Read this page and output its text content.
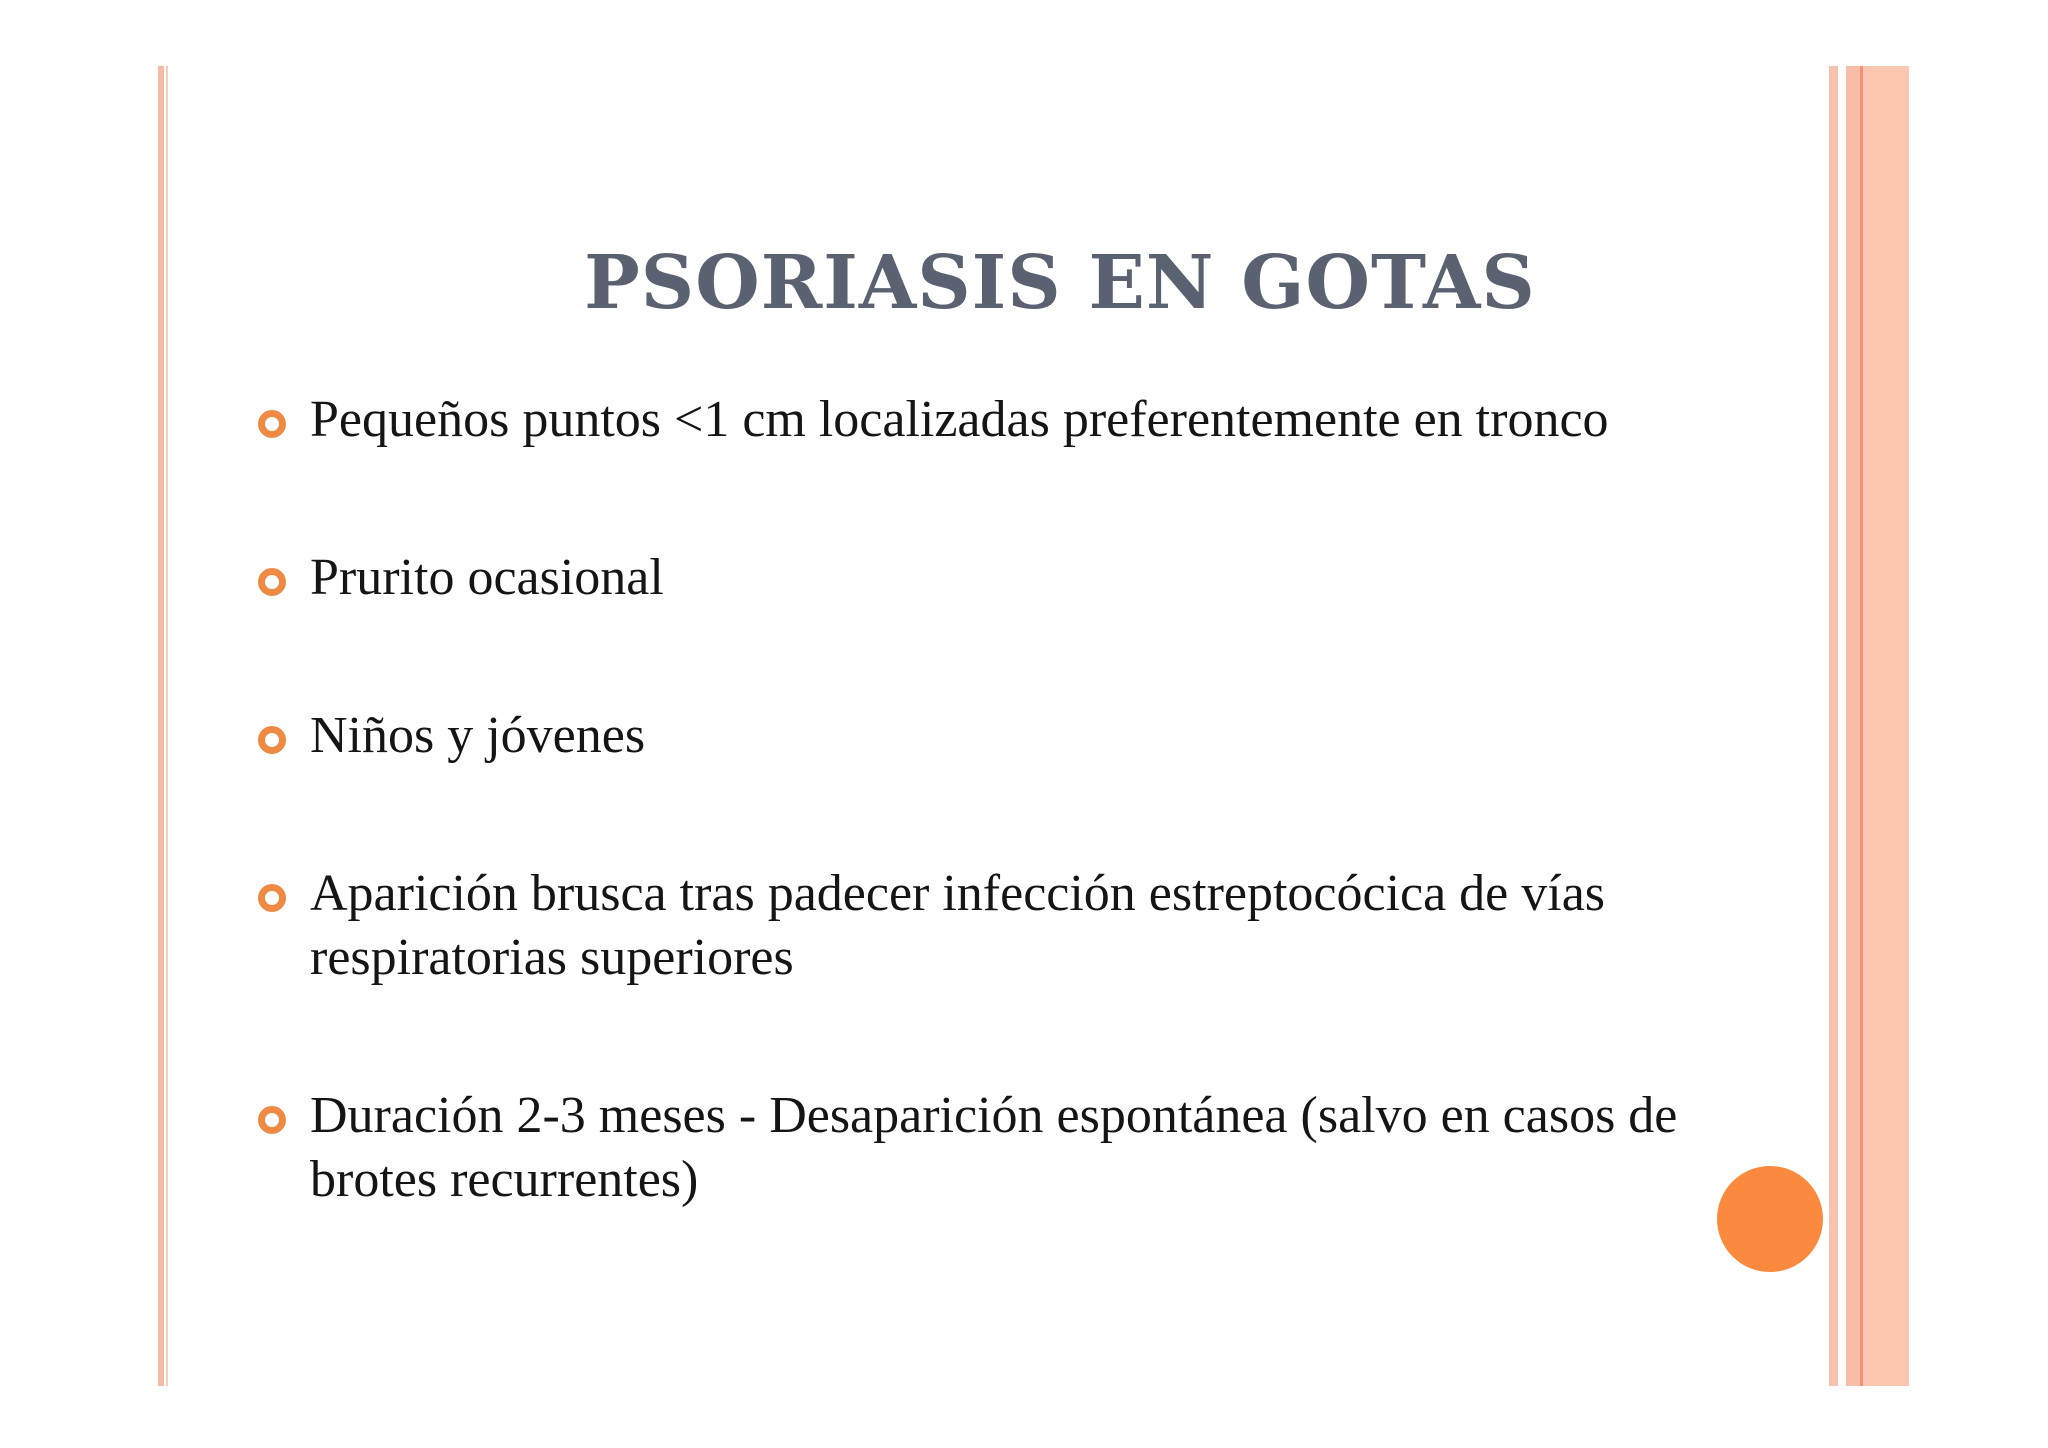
PSORIASIS EN GOTAS
Pequeños puntos <1 cm localizadas preferentemente en tronco
Prurito ocasional
Niños y jóvenes
Aparición brusca tras padecer infección estreptocócica de vías respiratorias superiores
Duración 2-3 meses - Desaparición espontánea (salvo en casos de brotes recurrentes)
